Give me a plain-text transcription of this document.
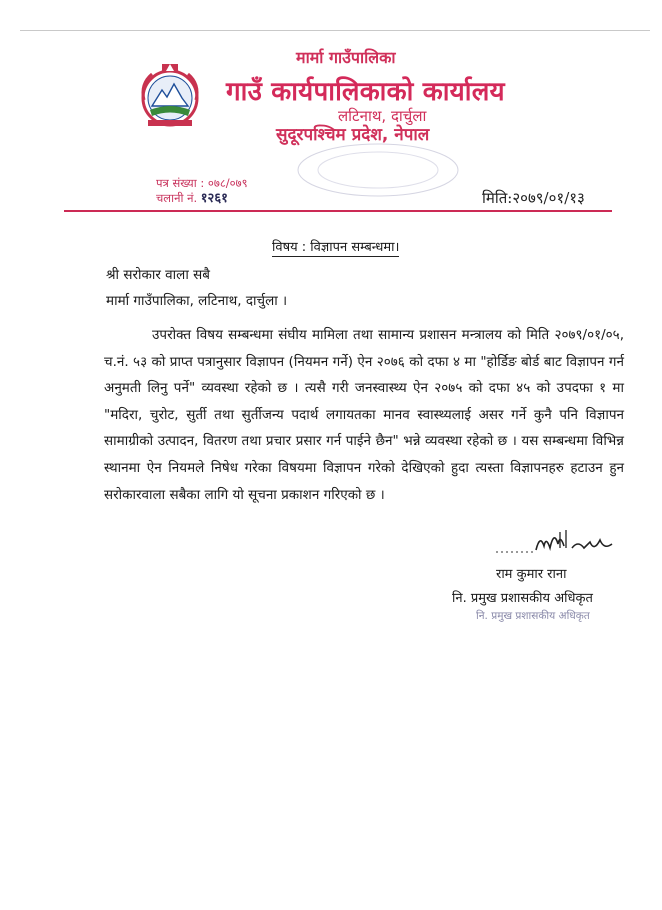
मार्मा गाउँपालिका
गाउँ कार्यपालिकाको कार्यालय
लटिनाथ, दार्चुला
सुदूरपश्चिम प्रदेश, नेपाल
पत्र संख्या : ०७८/०७९
चलानी नं. १२६१	मिति:२०७९/०१/१३
विषय : विज्ञापन सम्बन्धमा।
श्री सरोकार वाला सबै
मार्मा गाउँपालिका, लटिनाथ, दार्चुला ।

उपरोक्त विषय सम्बन्धमा संघीय मामिला तथा सामान्य प्रशासन मन्त्रालय को मिति २०७९/०१/०५, च.नं. ५३ को प्राप्त पत्रानुसार विज्ञापन (नियमन गर्ने) ऐन २०७६ को दफा ४ मा "होर्डिङ बोर्ड बाट विज्ञापन गर्न अनुमती लिनु पर्ने" व्यवस्था रहेको छ । त्यसै गरी जनस्वास्थ्य ऐन २०७५ को दफा ४५ को उपदफा १ मा "मदिरा, चुरोट, सुर्ती तथा सुर्तीजन्य पदार्थ लगायतका मानव स्वास्थ्यलाई असर गर्ने कुनै पनि विज्ञापन सामाग्रीको उत्पादन, वितरण तथा प्रचार प्रसार गर्न पाईने छैन" भन्ने व्यवस्था रहेको छ । यस सम्बन्धमा विभिन्न स्थानमा ऐन नियमले निषेध गरेका विषयमा विज्ञापन गरेको देखिएको हुदा त्यस्ता विज्ञापनहरु हटाउन हुन सरोकारवाला सबैका लागि यो सूचना प्रकाशन गरिएको छ ।

राम कुमार राना
नि. प्रमुख प्रशासकीय अधिकृत
नि. प्रमुख प्रशासकीय अधिकृत
